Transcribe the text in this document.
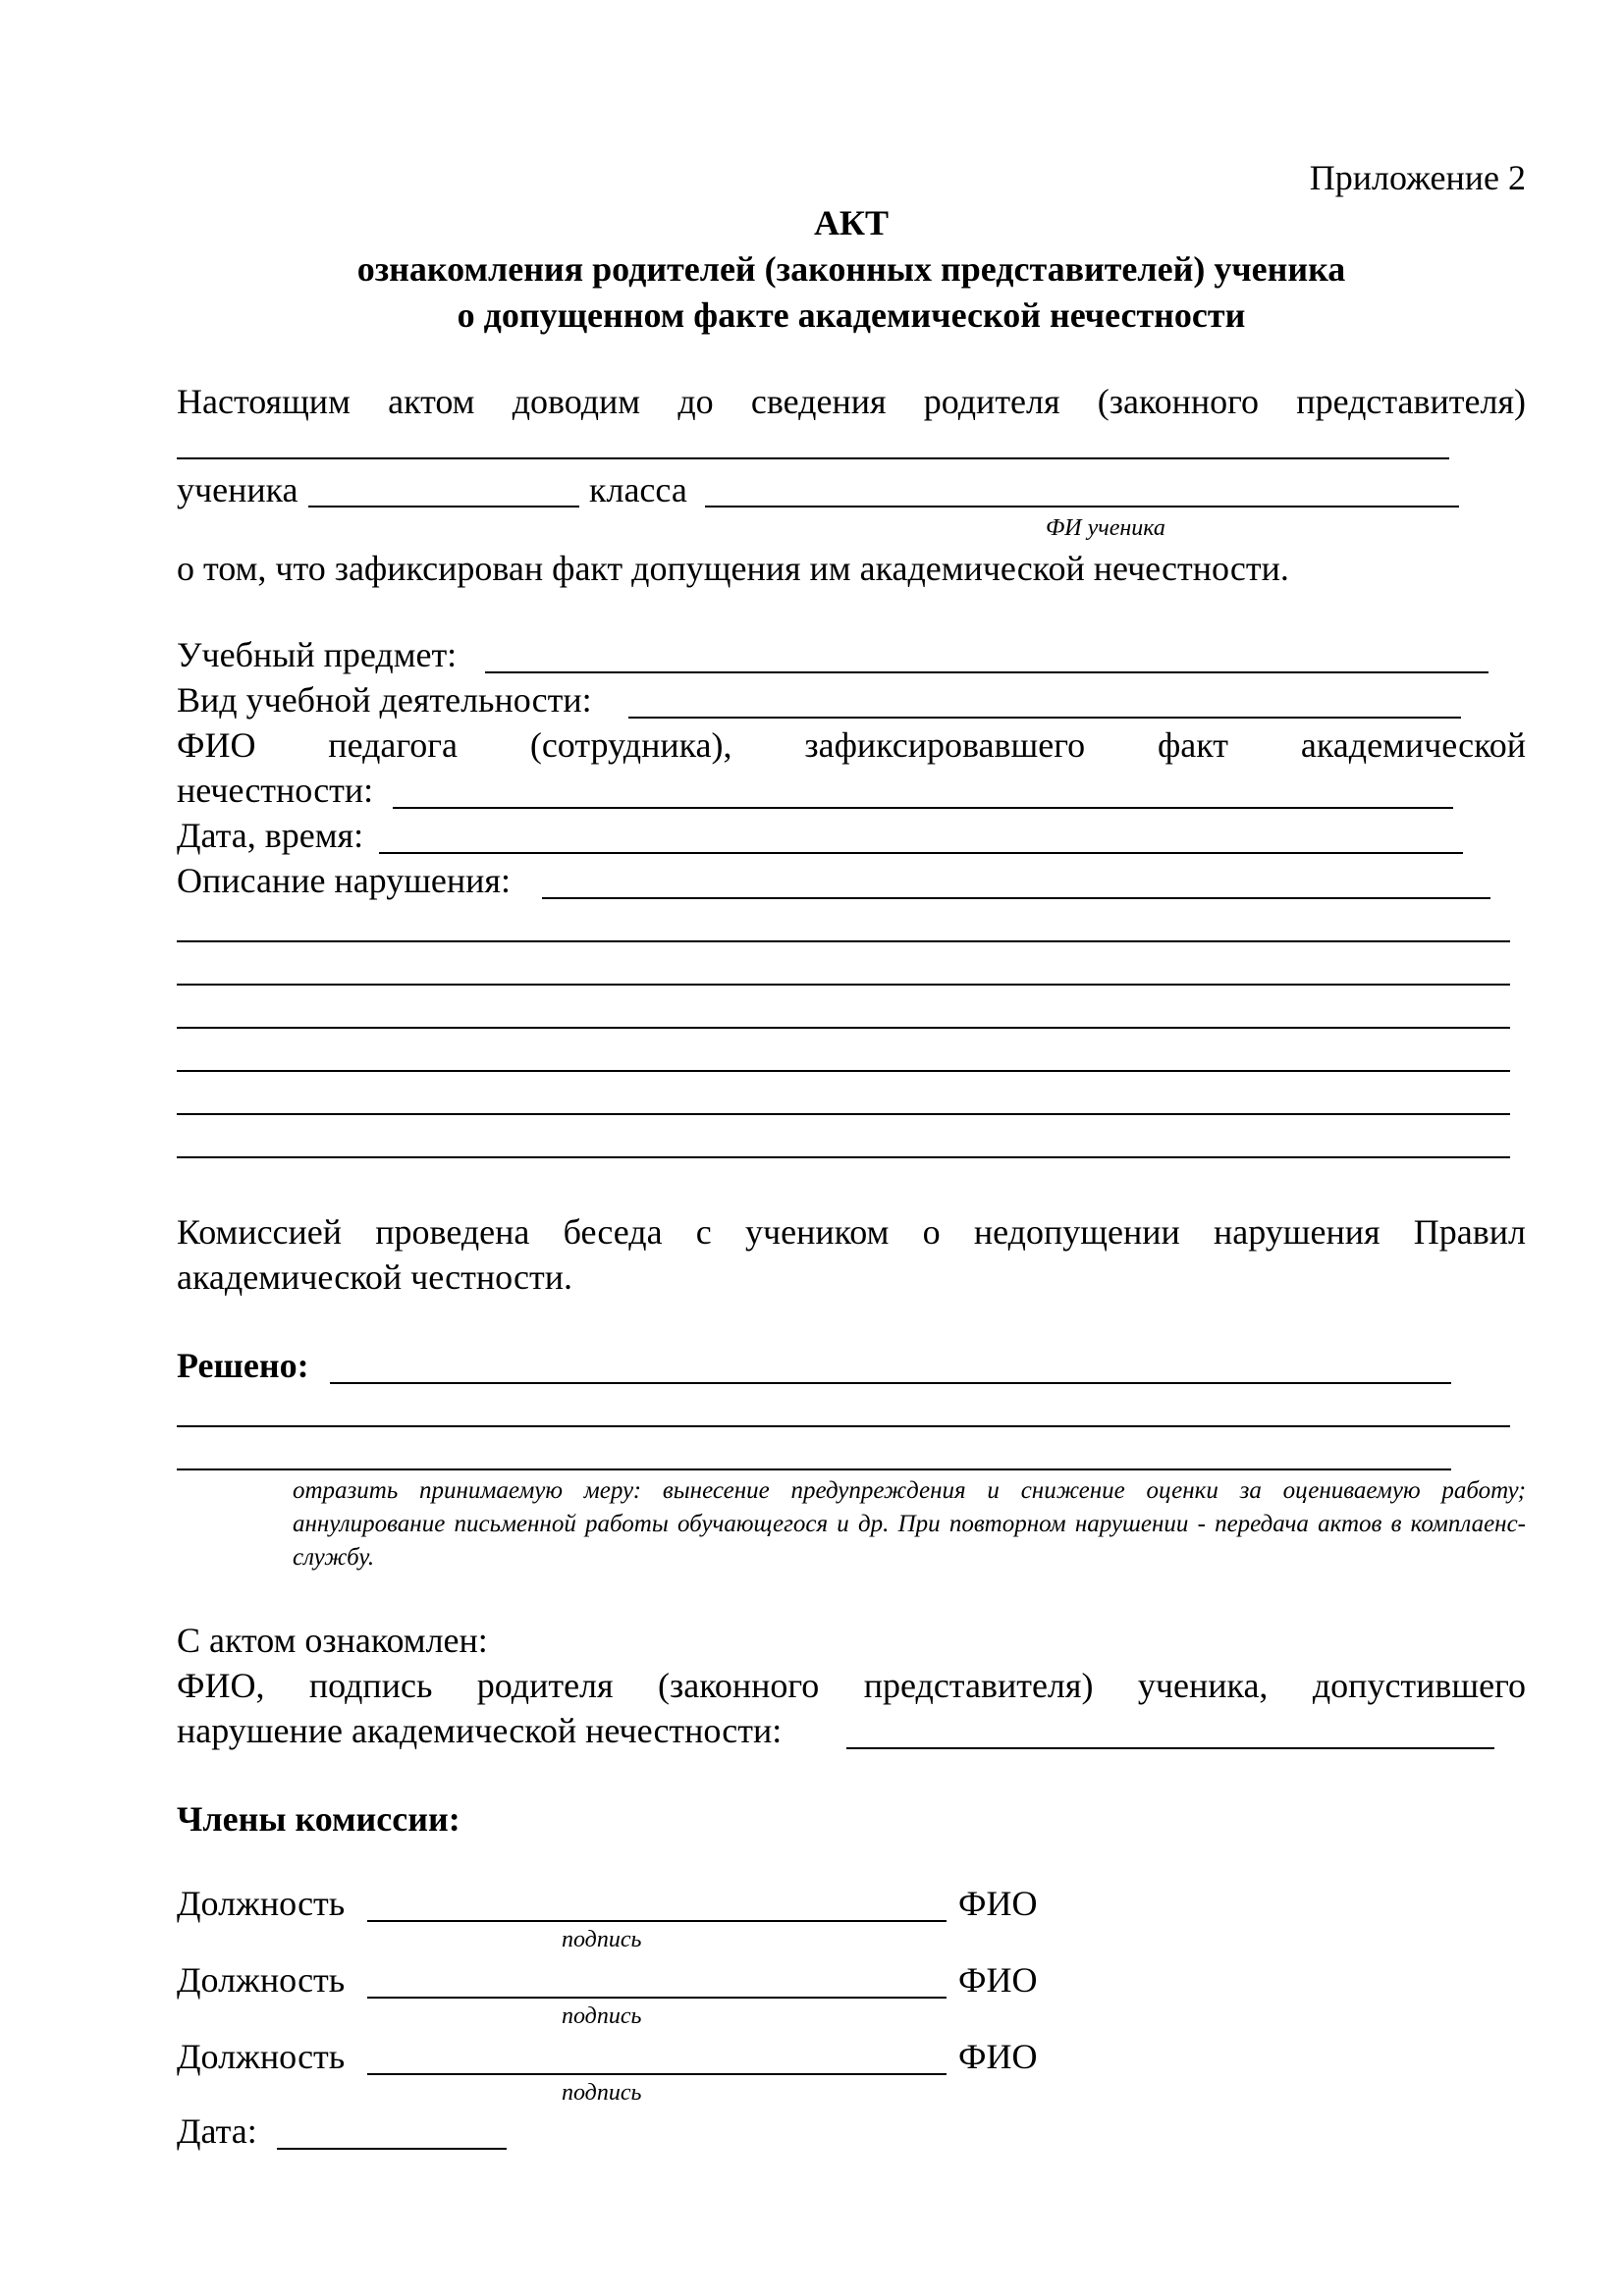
Приложение 2
АКТ
ознакомления родителей (законных представителей) ученика
о допущенном факте академической нечестности
Настоящим актом доводим до сведения родителя (законного представителя)
ученика	класса
ФИ ученика
о том, что зафиксирован факт допущения им академической нечестности.
Учебный предмет:
Вид учебной деятельности:
ФИО педагога (сотрудника), зафиксировавшего факт академической
нечестности:
Дата, время:
Описание нарушения:
Комиссией проведена беседа с учеником о недопущении нарушения Правил
академической честности.
Решено:
отразить принимаемую меру: вынесение предупреждения и снижение оценки за оцениваемую работу; аннулирование письменной работы обучающегося и др. При повторном нарушении - передача актов в комплаенс-службу.
С актом ознакомлен:
ФИО, подпись родителя (законного представителя) ученика, допустившего
нарушение академической нечестности:
Члены комиссии:
Должность	ФИО
подпись
Должность	ФИО
подпись
Должность	ФИО
подпись
Дата:
